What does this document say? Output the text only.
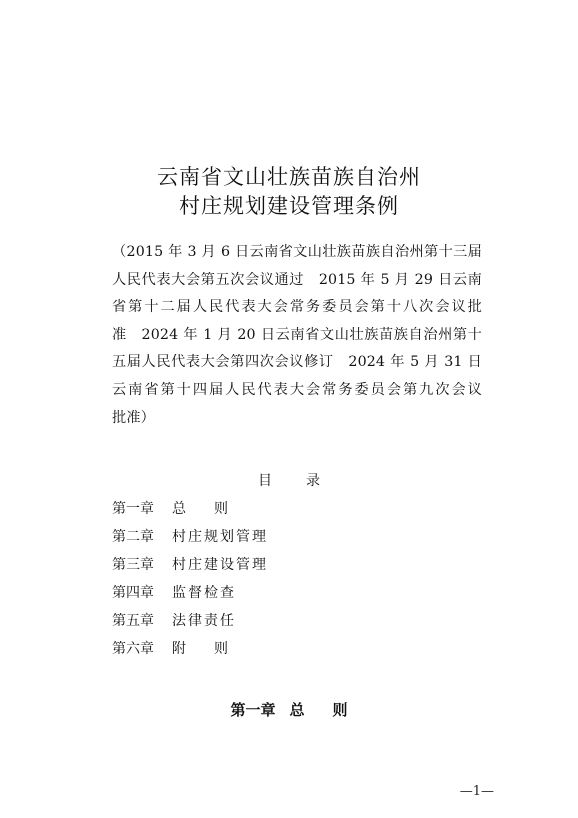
云南省文山壮族苗族自治州
村庄规划建设管理条例

（2015 年 3 月 6 日云南省文山壮族苗族自治州第十三届
人民代表大会第五次会议通过　2015 年 5 月 29 日云南
省第十二届人民代表大会常务委员会第十八次会议批
准　2024 年 1 月 20 日云南省文山壮族苗族自治州第十
五届人民代表大会第四次会议修订　2024 年 5 月 31 日
云南省第十四届人民代表大会常务委员会第九次会议
批准）

目 录
第一章	总 则
第二章	村庄规划管理
第三章	村庄建设管理
第四章	监督检查
第五章	法律责任
第六章	附 则
第一章 总 则
—1—
